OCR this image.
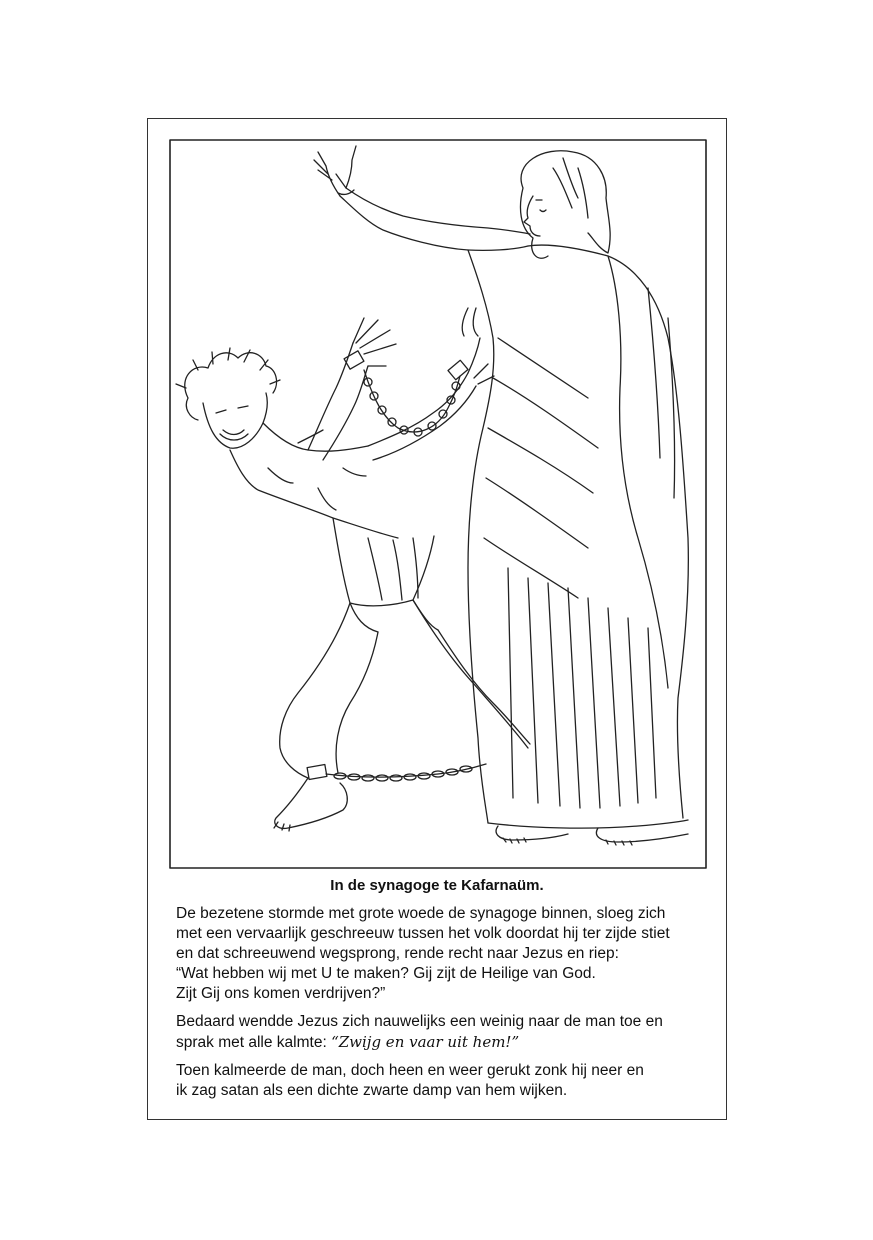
In de synagoge te Kafarnaüm.
De bezetene stormde met grote woede de synagoge binnen, sloeg zich
met een vervaarlijk geschreeuw tussen het volk doordat hij ter zijde stiet
en dat schreeuwend wegsprong, rende recht naar Jezus en riep:
“Wat hebben wij met U te maken? Gij zijt de Heilige van God.
Zijt Gij ons komen verdrijven?”
Bedaard wendde Jezus zich nauwelijks een weinig naar de man toe en
sprak met alle kalmte: “Zwijg en vaar uit hem!”
Toen kalmeerde de man, doch heen en weer gerukt zonk hij neer en
ik zag satan als een dichte zwarte damp van hem wijken.
